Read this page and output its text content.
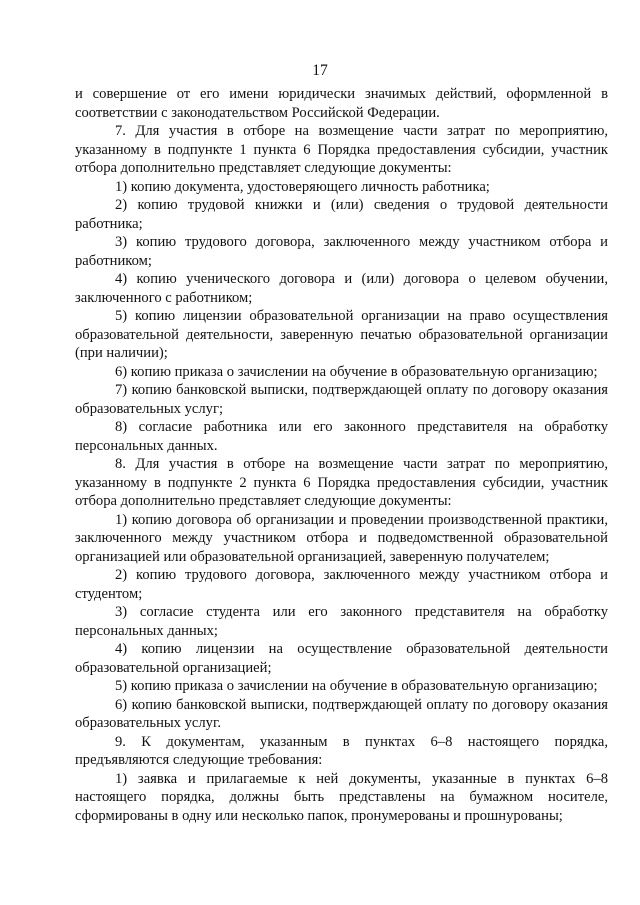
17

и совершение от его имени юридически значимых действий, оформленной в соответствии с законодательством Российской Федерации.

7. Для участия в отборе на возмещение части затрат по мероприятию, указанному в подпункте 1 пункта 6 Порядка предоставления субсидии, участник отбора дополнительно представляет следующие документы:

1) копию документа, удостоверяющего личность работника;

2) копию трудовой книжки и (или) сведения о трудовой деятельности работника;

3) копию трудового договора, заключенного между участником отбора и работником;

4) копию ученического договора и (или) договора о целевом обучении, заключенного с работником;

5) копию лицензии образовательной организации на право осуществления образовательной деятельности, заверенную печатью образовательной организации (при наличии);

6) копию приказа о зачислении на обучение в образовательную организацию;

7) копию банковской выписки, подтверждающей оплату по договору оказания образовательных услуг;

8) согласие работника или его законного представителя на обработку персональных данных.

8. Для участия в отборе на возмещение части затрат по мероприятию, указанному в подпункте 2 пункта 6 Порядка предоставления субсидии, участник отбора дополнительно представляет следующие документы:

1) копию договора об организации и проведении производственной практики, заключенного между участником отбора и подведомственной образовательной организацией или образовательной организацией, заверенную получателем;

2) копию трудового договора, заключенного между участником отбора и студентом;

3) согласие студента или его законного представителя на обработку персональных данных;

4) копию лицензии на осуществление образовательной деятельности образовательной организацией;

5) копию приказа о зачислении на обучение в образовательную организацию;

6) копию банковской выписки, подтверждающей оплату по договору оказания образовательных услуг.

9. К документам, указанным в пунктах 6–8 настоящего порядка, предъявляются следующие требования:

1) заявка и прилагаемые к ней документы, указанные в пунктах 6–8 настоящего порядка, должны быть представлены на бумажном носителе, сформированы в одну или несколько папок, пронумерованы и прошнурованы;
